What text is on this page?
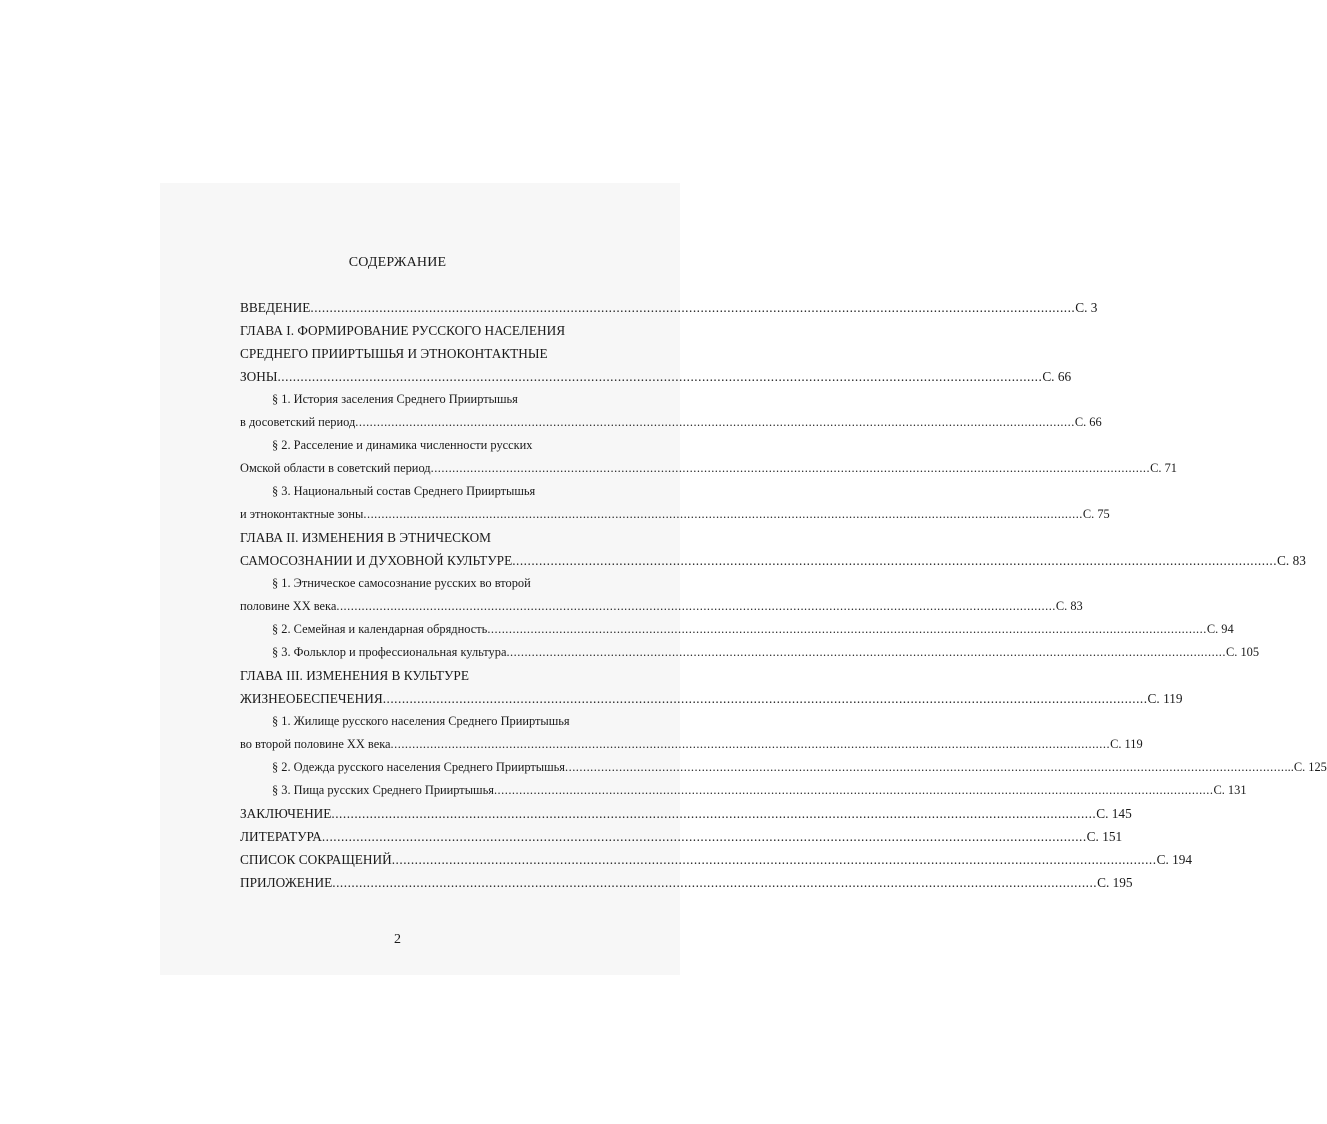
СОДЕРЖАНИЕ
ВВЕДЕНИЕ ........................................................................................................................................................................................................ С. 3
ГЛАВА I. ФОРМИРОВАНИЕ РУССКОГО НАСЕЛЕНИЯ
СРЕДНЕГО ПРИИРТЫШЬЯ И ЭТНОКОНТАКТНЫЕ
ЗОНЫ ........................................................................................................................................................................................................ С. 66
§ 1. История заселения Среднего Прииртышья
в досоветский период ........................................................................................................................................................................................................ С. 66
§ 2. Расселение и динамика численности русских
Омской области в советский период ........................................................................................................................................................................................................ С. 71
§ 3. Национальный состав Среднего Прииртышья
и этноконтактные зоны ........................................................................................................................................................................................................ С. 75
ГЛАВА II. ИЗМЕНЕНИЯ В ЭТНИЧЕСКОМ
САМОСОЗНАНИИ И ДУХОВНОЙ КУЛЬТУРЕ ........................................................................................................................................................................................................ С. 83
§ 1. Этническое самосознание русских во второй
половине XX века ........................................................................................................................................................................................................ С. 83
§ 2. Семейная и календарная обрядность ........................................................................................................................................................................................................ С. 94
§ 3. Фольклор и профессиональная культура ........................................................................................................................................................................................................ С. 105
ГЛАВА III. ИЗМЕНЕНИЯ В КУЛЬТУРЕ
ЖИЗНЕОБЕСПЕЧЕНИЯ ........................................................................................................................................................................................................ С. 119
§ 1. Жилище русского населения Среднего Прииртышья
во второй половине XX века ........................................................................................................................................................................................................ С. 119
§ 2. Одежда русского населения Среднего Прииртышья ........................................................................................................................................................................................................ ...С. 125
§ 3. Пища русских Среднего Прииртышья ........................................................................................................................................................................................................ С. 131
ЗАКЛЮЧЕНИЕ ........................................................................................................................................................................................................ С. 145
ЛИТЕРАТУРА ........................................................................................................................................................................................................ С. 151
СПИСОК СОКРАЩЕНИЙ ........................................................................................................................................................................................................ С. 194
ПРИЛОЖЕНИЕ ........................................................................................................................................................................................................ С. 195
2
